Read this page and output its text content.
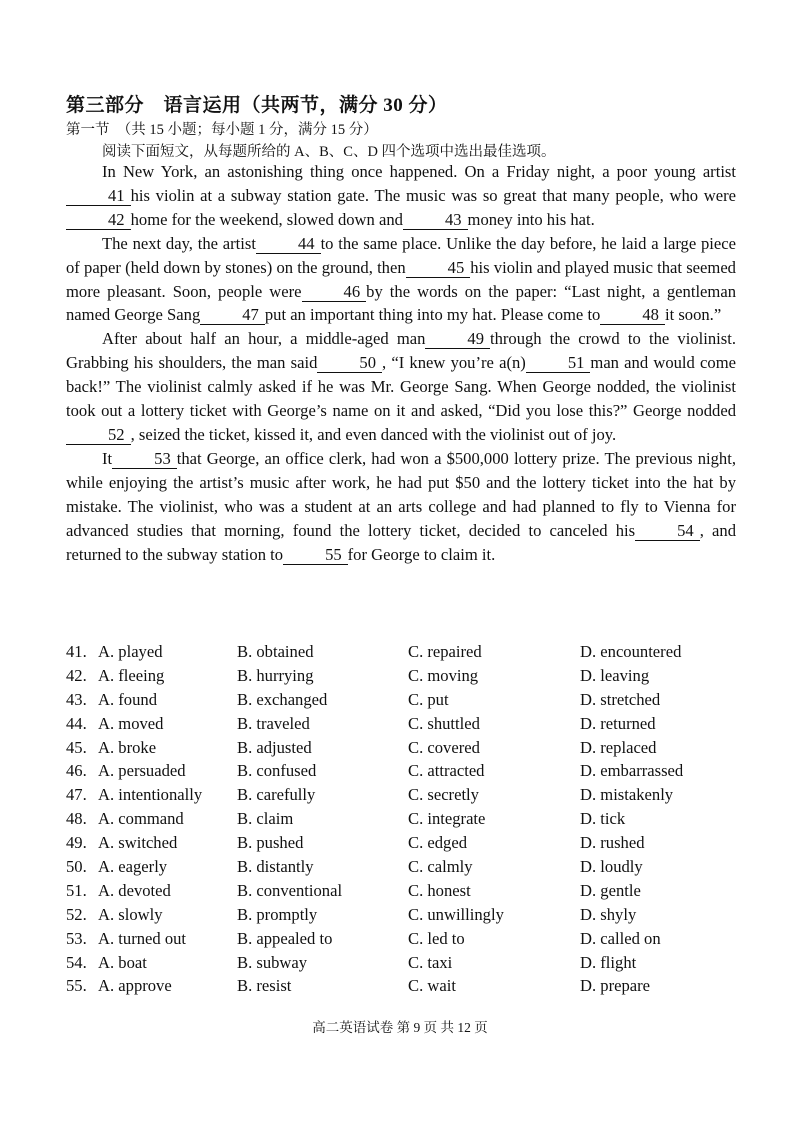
第三部分　语言运用（共两节，满分 30 分）
第一节　（共 15 小题；每小题 1 分，满分 15 分）
阅读下面短文，从每题所给的 A、B、C、D 四个选项中选出最佳选项。

In New York, an astonishing thing once happened. On a Friday night, a poor young artist41 his violin at a subway station gate. The music was so great that many people, who were42 home for the weekend, slowed down and	43 money into his hat.

The next day, the artist	44 to the same place. Unlike the day before, he laid a large piece of paper (held down by stones) on the ground, then	45 his violin and played music that seemed more pleasant. Soon, people were	46 by the words on the paper: “Last night, a gentleman named George Sang	47 put an important thing into my hat. Please come to	48 it soon.”

After about half an hour, a middle-aged man	49 through the crowd to the violinist. Grabbing his shoulders, the man said	50 , “I knew you’re a(n)	51 man and would come back!” The violinist calmly asked if he was Mr. George Sang. When George nodded, the violinist took out a lottery ticket with George’s name on it and asked, “Did you lose this?” George nodded52 , seized the ticket, kissed it, and even danced with the violinist out of joy.

It	53 that George, an office clerk, had won a $500,000 lottery prize. The previous night, while enjoying the artist’s music after work, he had put $50 and the lottery ticket into the hat by mistake. The violinist, who was a student at an arts college and had planned to fly to Vienna for advanced studies that morning, found the lottery ticket, decided to canceled his	54 , and returned to the subway station to	55 for George to claim it.

41. A. played	B. obtained	C. repaired	D. encountered
42. A. fleeing	B. hurrying	C. moving	D. leaving
43. A. found	B. exchanged	C. put	D. stretched
44. A. moved	B. traveled	C. shuttled	D. returned
45. A. broke	B. adjusted	C. covered	D. replaced
46. A. persuaded	B. confused	C. attracted	D. embarrassed
47. A. intentionally B. carefully	C. secretly	D. mistakenly
48. A. command	B. claim	C. integrate	D. tick
49. A. switched	B. pushed	C. edged	D. rushed
50. A. eagerly	B. distantly	C. calmly	D. loudly
51. A. devoted	B. conventional	C. honest	D. gentle
52. A. slowly	B. promptly	C. unwillingly	D. shyly
53. A. turned out	B. appealed to	C. led to	D. called on
54. A. boat	B. subway	C. taxi	D. flight
55. A. approve	B. resist	C. wait	D. prepare
高二英语试卷 第 9 页 共 12 页
